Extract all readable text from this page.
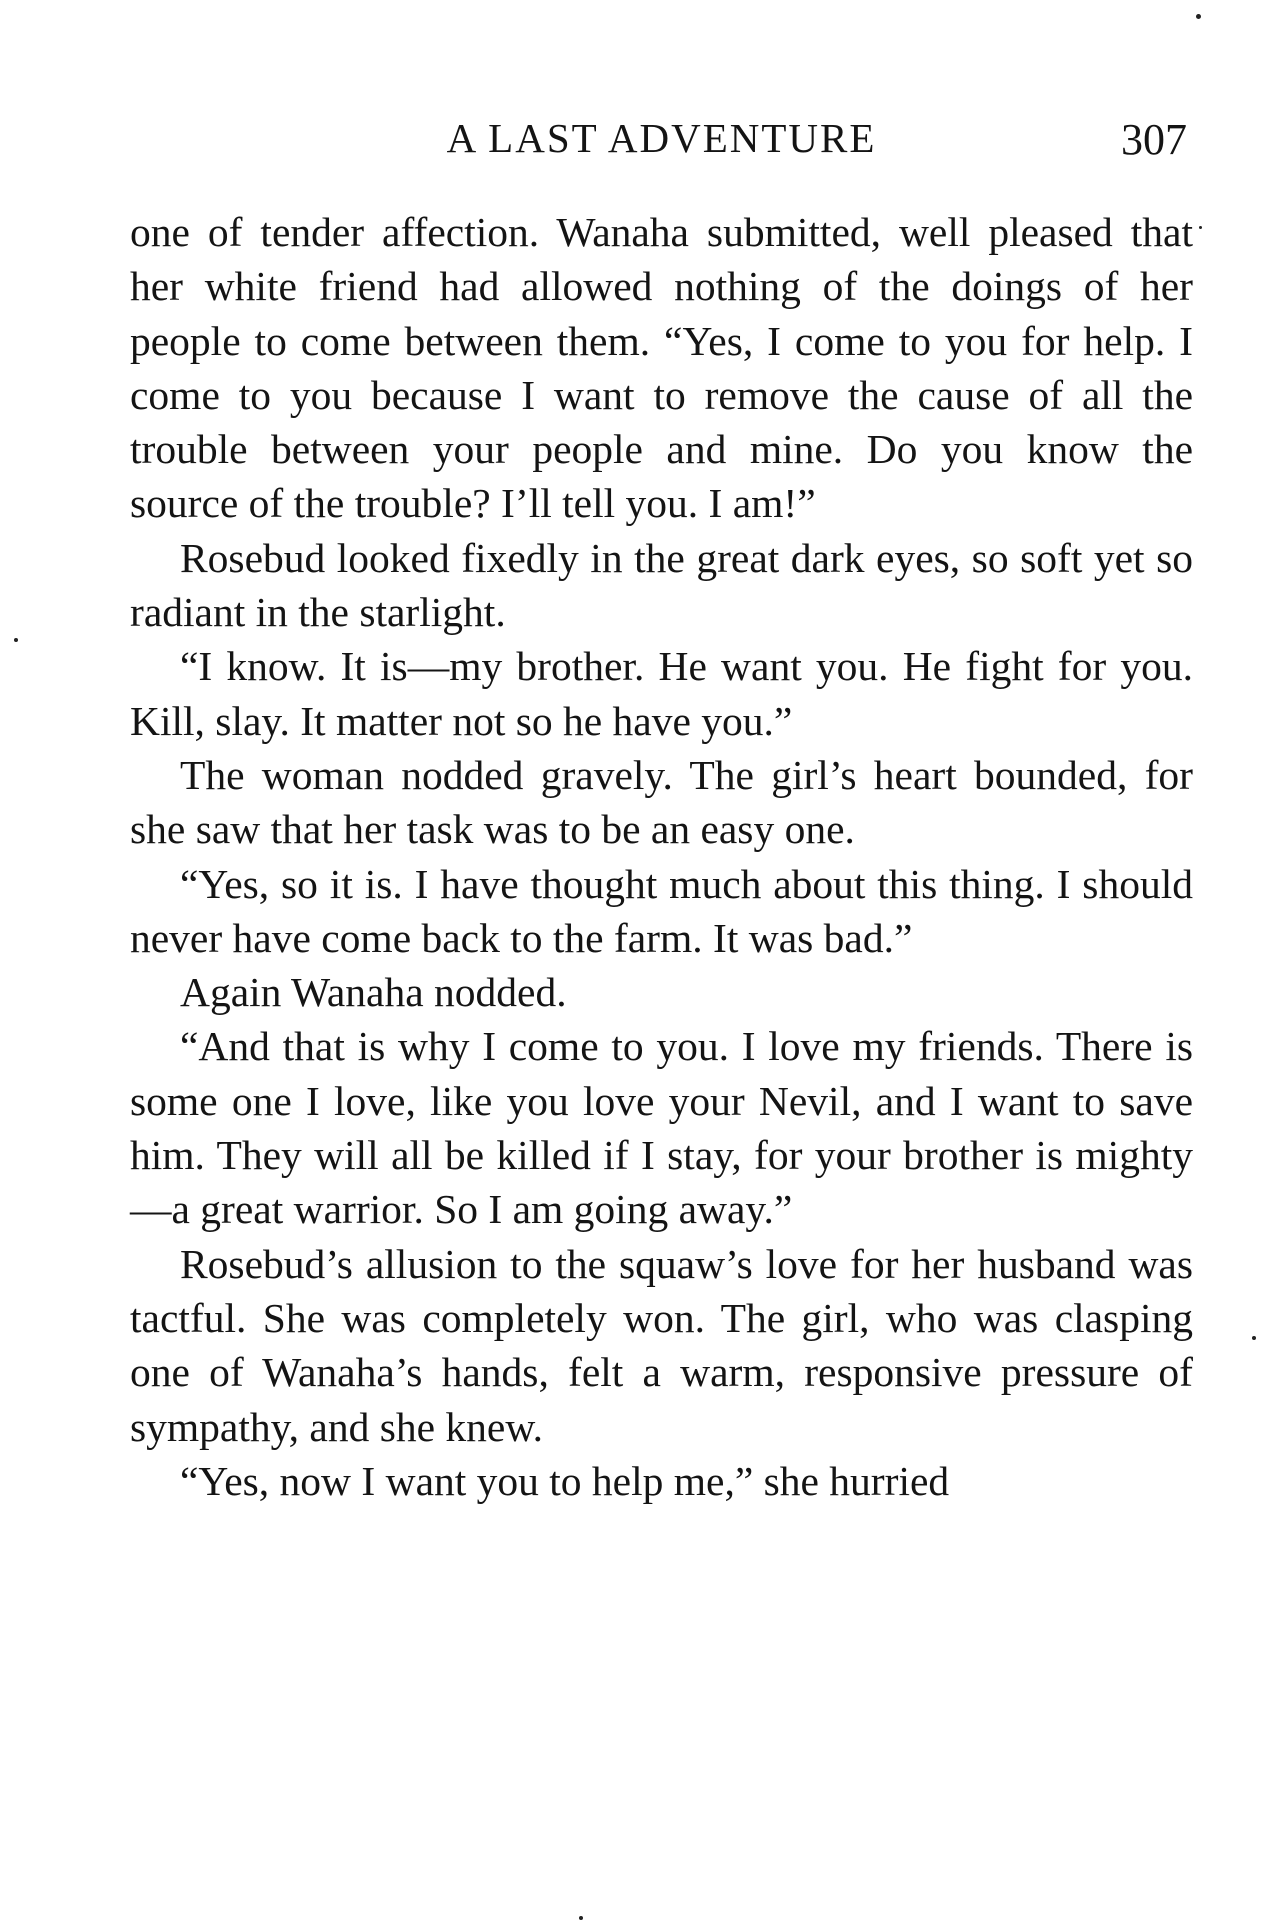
A LAST ADVENTURE	307

one of tender affection. Wanaha submitted, well pleased that her white friend had allowed nothing of the doings of her people to come between them. “Yes, I come to you for help. I come to you because I want to remove the cause of all the trouble between your people and mine. Do you know the source of the trouble? I’ll tell you. I am!”

Rosebud looked fixedly in the great dark eyes, so soft yet so radiant in the starlight.

“I know. It is—my brother. He want you. He fight for you. Kill, slay. It matter not so he have you.”

The woman nodded gravely. The girl’s heart bounded, for she saw that her task was to be an easy one.

“Yes, so it is. I have thought much about this thing. I should never have come back to the farm. It was bad.”

Again Wanaha nodded.

“And that is why I come to you. I love my friends. There is some one I love, like you love your Nevil, and I want to save him. They will all be killed if I stay, for your brother is mighty—a great warrior. So I am going away.”

Rosebud’s allusion to the squaw’s love for her husband was tactful. She was completely won. The girl, who was clasping one of Wanaha’s hands, felt a warm, responsive pressure of sympathy, and she knew.

“Yes, now I want you to help me,” she hurried
